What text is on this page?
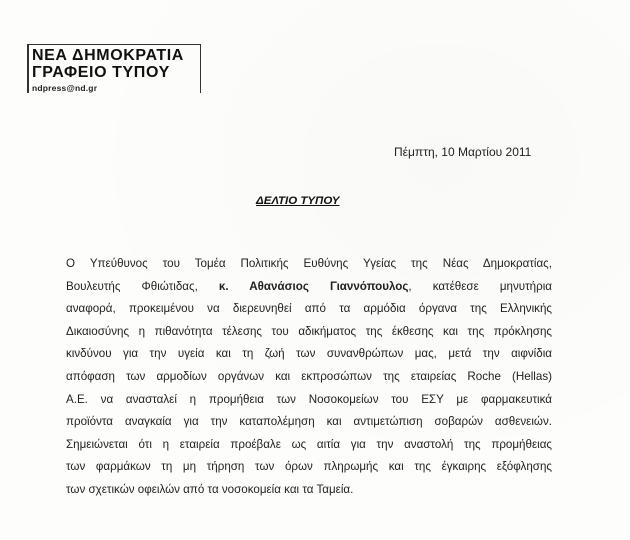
ΝΕΑ ΔΗΜΟΚΡΑΤΙΑ
ΓΡΑΦΕΙΟ ΤΥΠΟΥ
ndpress@nd.gr
Πέμπτη, 10 Μαρτίου 2011
ΔΕΛΤΙΟ ΤΥΠΟΥ
Ο Υπεύθυνος του Τομέα Πολιτικής Ευθύνης Υγείας της Νέας Δημοκρατίας,
Βουλευτής Φθιώτιδας, κ. Αθανάσιος Γιαννόπουλος, κατέθεσε μηνυτήρια
αναφορά, προκειμένου να διερευνηθεί από τα αρμόδια όργανα της Ελληνικής
Δικαιοσύνης η πιθανότητα τέλεσης του αδικήματος της έκθεσης και της πρόκλησης
κινδύνου για την υγεία και τη ζωή των συνανθρώπων μας, μετά την αιφνίδια
απόφαση των αρμοδίων οργάνων και εκπροσώπων της εταιρείας Roche (Hellas)
Α.Ε. να ανασταλεί η προμήθεια των Νοσοκομείων του ΕΣΥ με φαρμακευτικά
προϊόντα αναγκαία για την καταπολέμηση και αντιμετώπιση σοβαρών ασθενειών.
Σημειώνεται ότι η εταιρεία προέβαλε ως αιτία για την αναστολή της προμήθειας
των φαρμάκων τη μη τήρηση των όρων πληρωμής και της έγκαιρης εξόφλησης
των σχετικών οφειλών από τα νοσοκομεία και τα Ταμεία.
